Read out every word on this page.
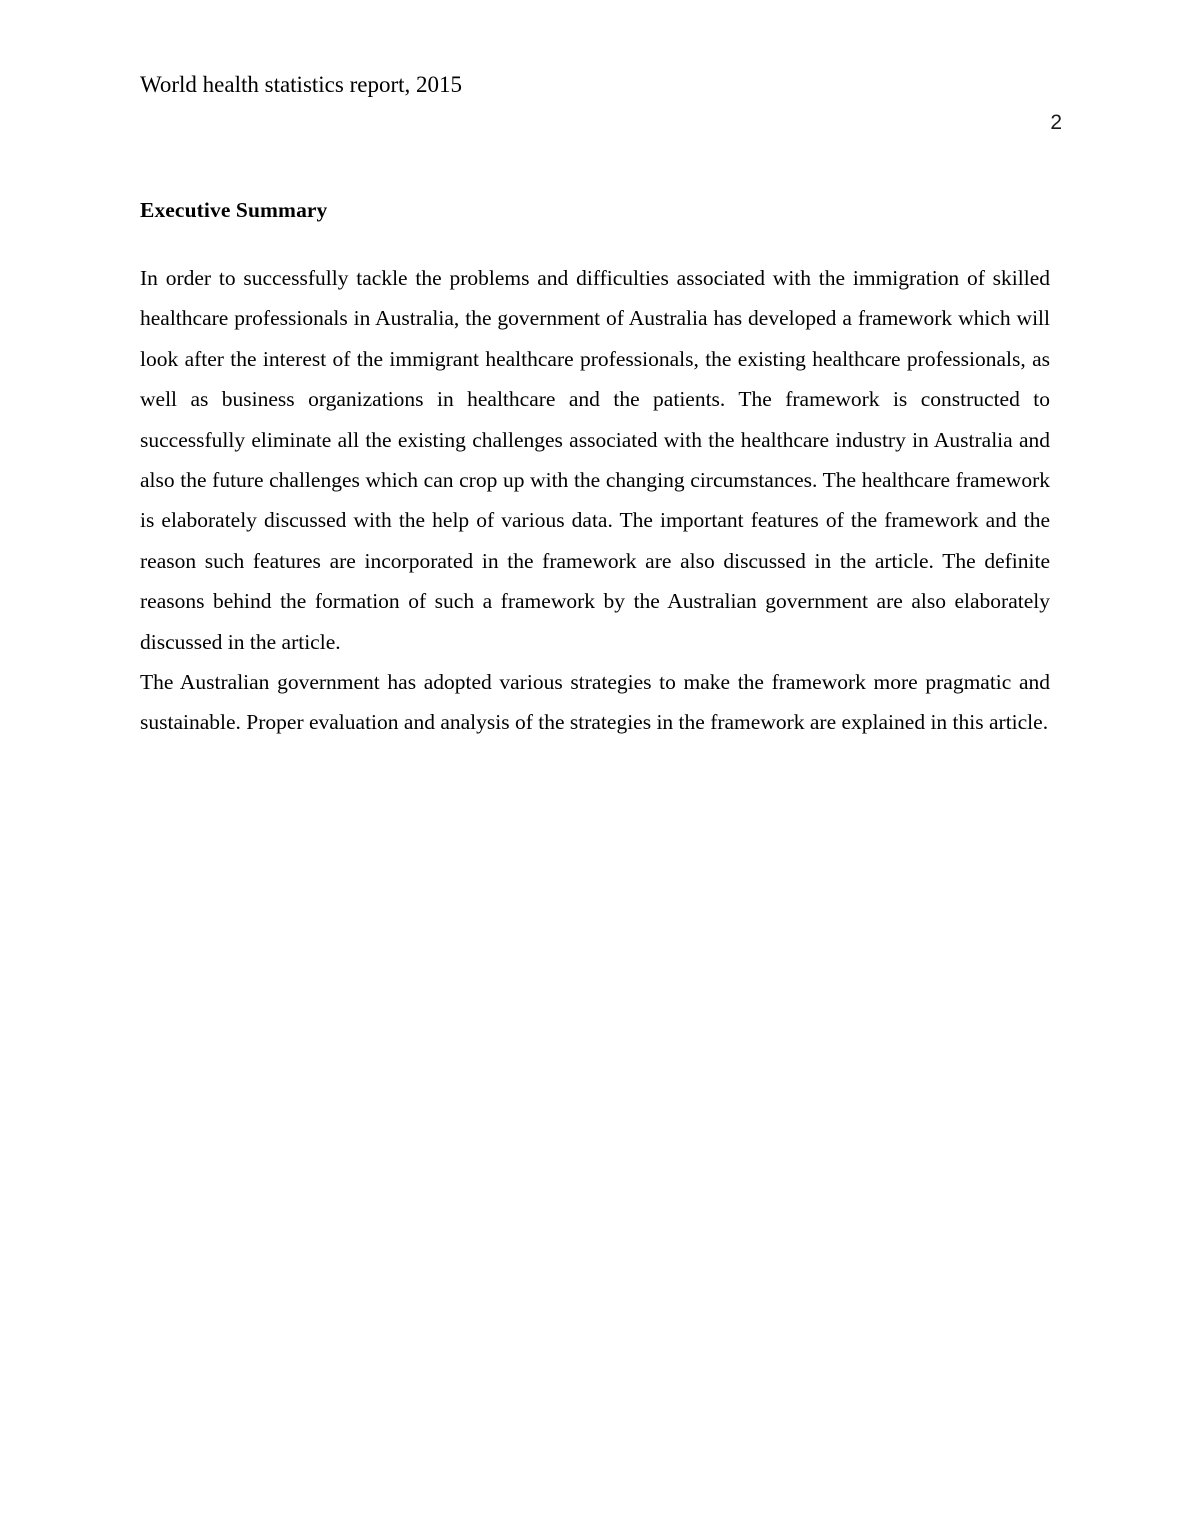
World health statistics report, 2015
2
Executive Summary

In order to successfully tackle the problems and difficulties associated with the immigration of skilled healthcare professionals in Australia, the government of Australia has developed a framework which will look after the interest of the immigrant healthcare professionals, the existing healthcare professionals, as well as business organizations in healthcare and the patients. The framework is constructed to successfully eliminate all the existing challenges associated with the healthcare industry in Australia and also the future challenges which can crop up with the changing circumstances. The healthcare framework is elaborately discussed with the help of various data. The important features of the framework and the reason such features are incorporated in the framework are also discussed in the article. The definite reasons behind the formation of such a framework by the Australian government are also elaborately discussed in the article.

The Australian government has adopted various strategies to make the framework more pragmatic and sustainable. Proper evaluation and analysis of the strategies in the framework are explained in this article.
